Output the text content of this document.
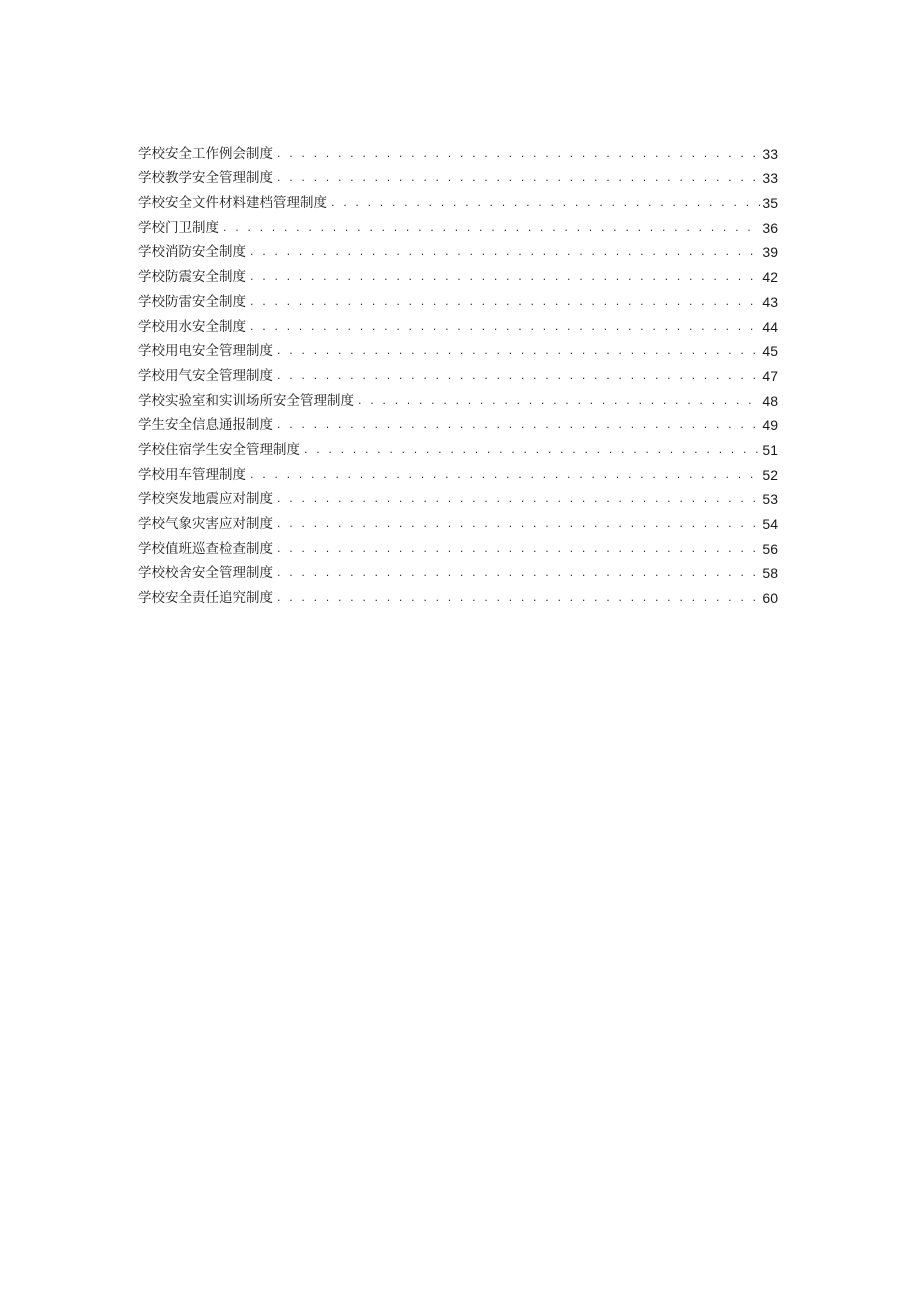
学校安全工作例会制度 . . .	33
学校教学安全管理制度 . . .	33
学校安全文件材料建档管理制度 . . .	35
学校门卫制度 . . .	36
学校消防安全制度 . . .	39
学校防震安全制度 . . .	42
学校防雷安全制度 . . .	43
学校用水安全制度 . . .	44
学校用电安全管理制度 . . .	45
学校用气安全管理制度 . . .	47
学校实验室和实训场所安全管理制度 . . .	48
学生安全信息通报制度 . . .	49
学校住宿学生安全管理制度 . . .	51
学校用车管理制度 . . .	52
学校突发地震应对制度 . . .	53
学校气象灾害应对制度 . . .	54
学校值班巡查检查制度 . . .	56
学校校舍安全管理制度 . . .	58
学校安全责任追究制度 . . .	60
